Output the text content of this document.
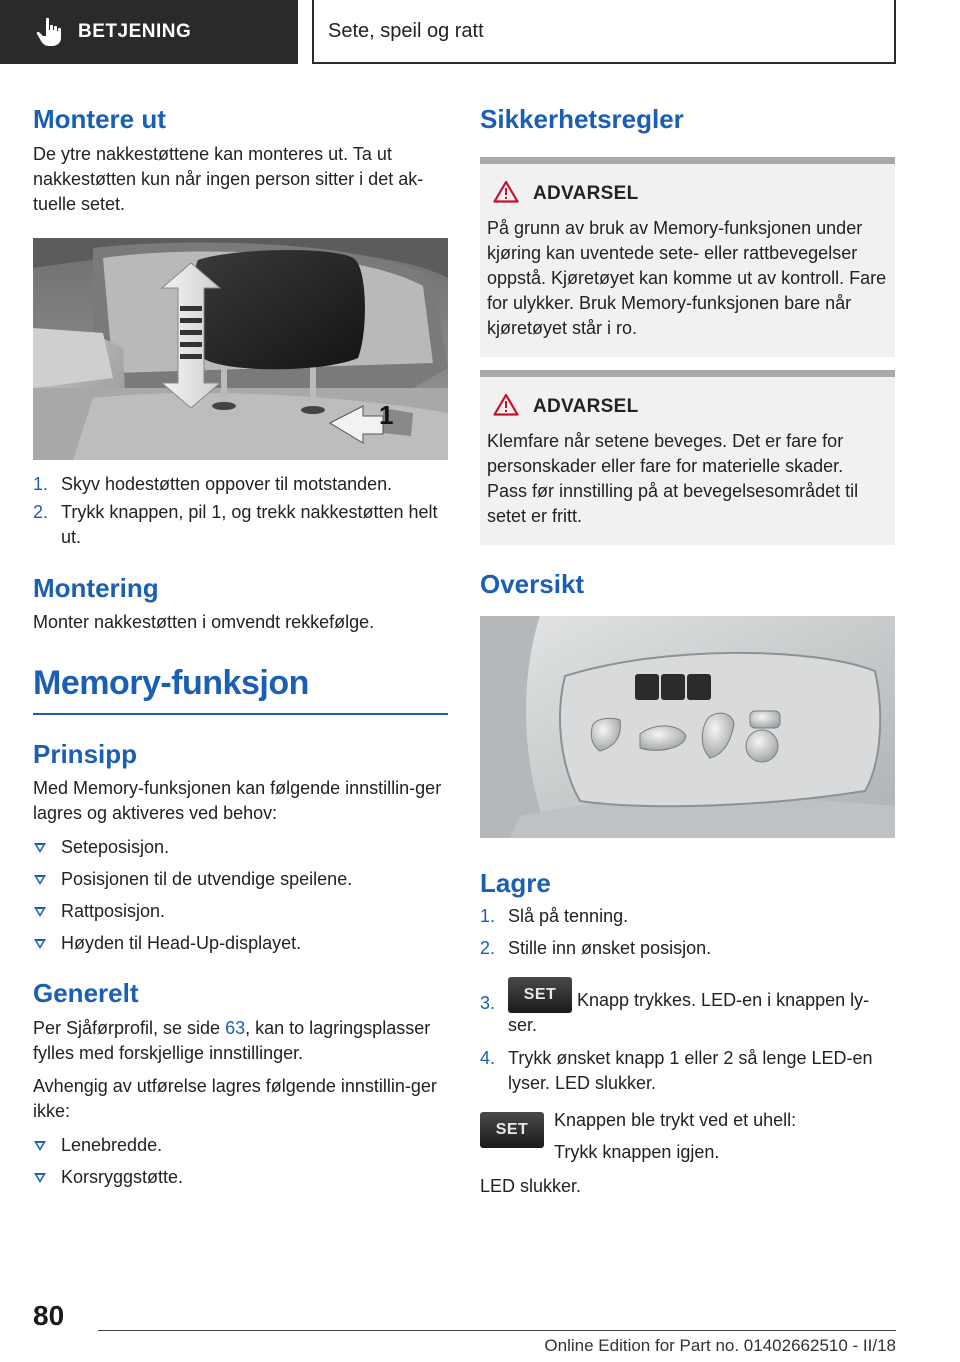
BETJENING	Sete, speil og ratt
Montere ut

De ytre nakkestøttene kan monteres ut. Ta ut nakkestøtten kun når ingen person sitter i det ak-tuelle setet.

1
1. Skyv hodestøtten oppover til motstanden.
2. Trykk knappen, pil 1, og trekk nakkestøtten helt ut.
Montering

Monter nakkestøtten i omvendt rekkefølge.

Memory-funksjon
Prinsipp

Med Memory-funksjonen kan følgende innstillin-ger lagres og aktiveres ved behov:

Seteposisjon.
Posisjonen til de utvendige speilene.
Rattposisjon.
Høyden til Head-Up-displayet.
Generelt

Per Sjåførprofil, se side 63, kan to lagringsplasser fylles med forskjellige innstillinger.

Avhengig av utførelse lagres følgende innstillin-ger ikke:

Lenebredde.
Korsryggstøtte.
Sikkerhetsregler
ADVARSEL

På grunn av bruk av Memory-funksjonen under kjøring kan uventede sete- eller rattbevegelser oppstå. Kjøretøyet kan komme ut av kontroll. Fare for ulykker. Bruk Memory-funksjonen bare når kjøretøyet står i ro.

ADVARSEL

Klemfare når setene beveges. Det er fare for personskader eller fare for materielle skader. Pass før innstilling på at bevegelsesområdet til setet er fritt.

Oversikt
Lagre
1. Slå på tenning.
2. Stille inn ønsket posisjon.
3. SET Knapp trykkes. LED-en i knappen ly-ser.
4. Trykk ønsket knapp 1 eller 2 så lenge LED-en lyser. LED slukker.
SET	Knappen ble trykt ved et uhell:

Trykk knappen igjen.

LED slukker.

80
Online Edition for Part no. 01402662510 - II/18
